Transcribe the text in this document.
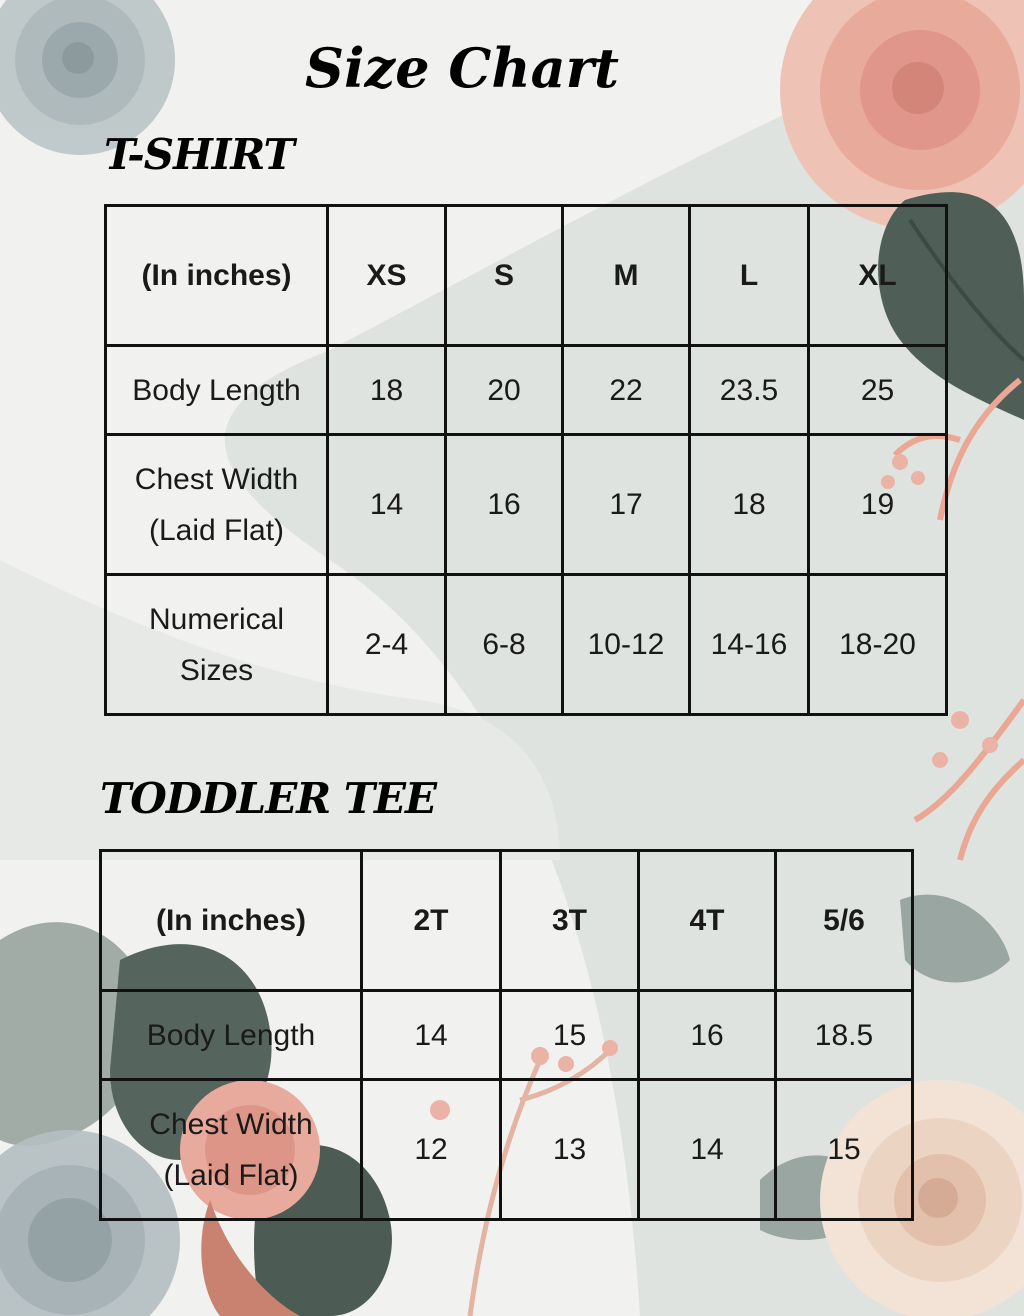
Size Chart
T-SHIRT
(In inches)	XS	S	M	L	XL
Body Length	18	20	22	23.5	25

Chest Width
(Laid Flat)	14	16	17	18	19

Numerical
Sizes	2-4	6-8	10-12	14-16	18-20
TODDLER TEE
(In inches)	2T	3T	4T	5/6
Body Length	14	15	16	18.5

Chest Width
(Laid Flat)	12	13	14	15
